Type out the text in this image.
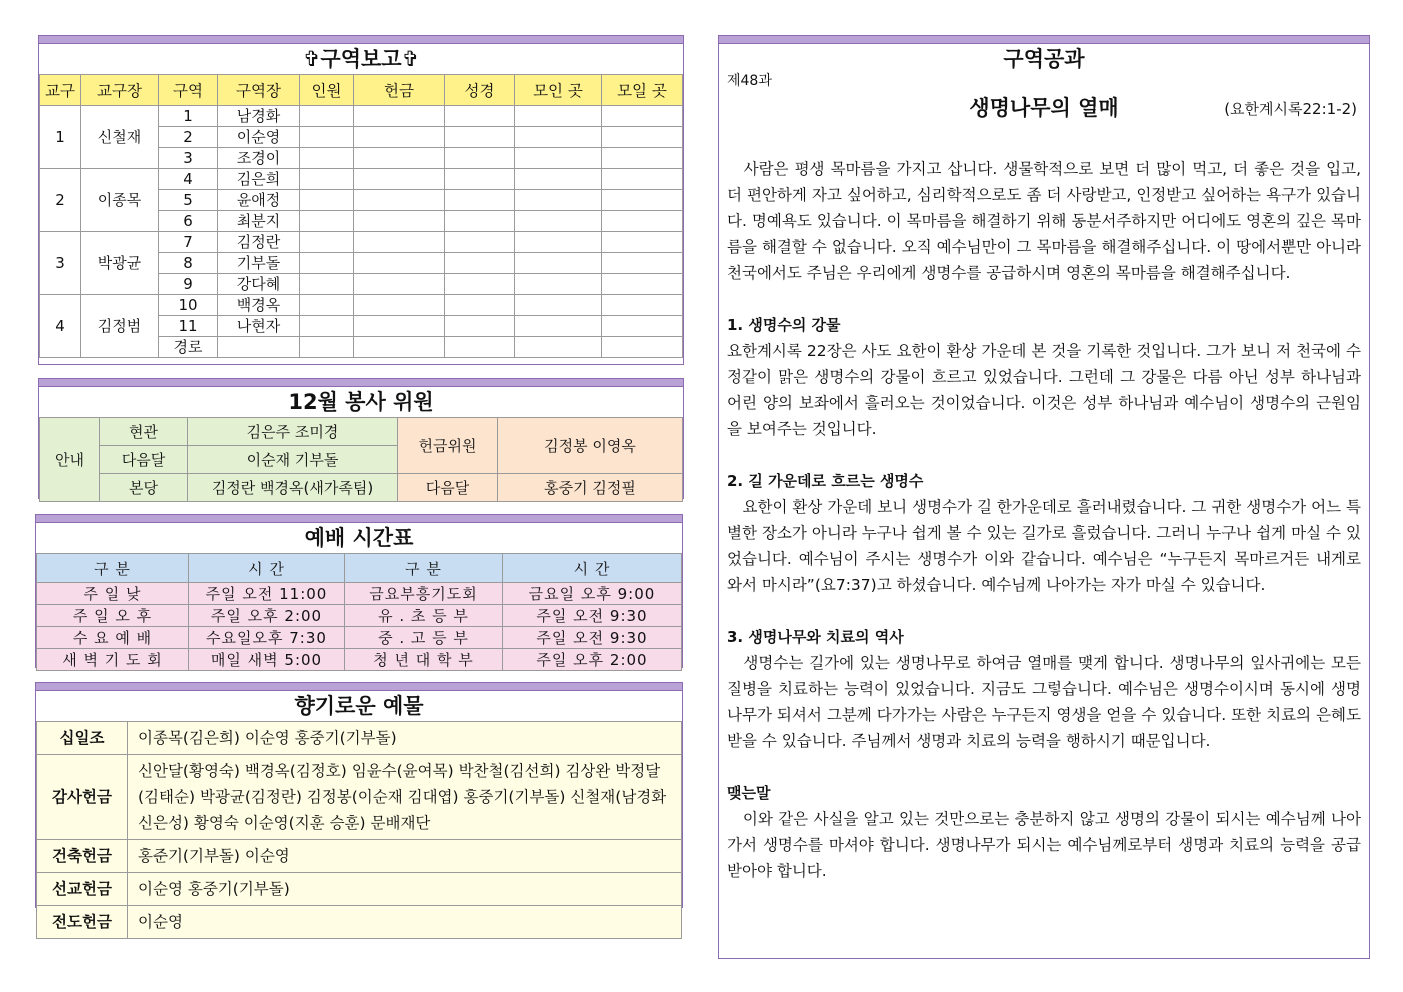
✞구역보고✞
교구	교구장	구역	구역장	인원	헌금	성경	모인 곳	모일 곳
1	신철재	1	남경화					
		2	이순영					
		3	조경이					
2	이종목	4	김은희					
		5	윤애정					
		6	최분지					
3	박광균	7	김정란					
		8	기부돌					
		9	강다혜					
4	김정범	10	백경옥					
		11	나현자					
		경로						
12월 봉사 위원
안내	현관	김은주 조미경	헌금위원	김정봉 이영옥
	다음달	이순재 기부돌		
	본당	김정란 백경옥(새가족팀)	다음달	홍중기 김정필
예배 시간표
구 분	시 간	구 분	시 간
주 일 낮	주일 오전 11:00	금요부흥기도회	금요일 오후 9:00
주 일 오 후	주일 오후 2:00	유 . 초 등 부	주일 오전 9:30
수 요 예 배	수요일오후 7:30	중 . 고 등 부	주일 오전 9:30
새 벽 기 도 회	매일 새벽 5:00	청 년 대 학 부	주일 오후 2:00
향기로운 예물
십일조	이종목(김은희) 이순영 홍중기(기부돌)
감사헌금	신안달(황영숙) 백경옥(김정호) 임윤수(윤여목) 박찬철(김선희) 김상완 박정달(김태순) 박광균(김정란) 김정봉(이순재 김대엽) 홍중기(기부돌) 신철재(남경화 신은성) 황영숙 이순영(지훈 승훈) 문배재단
건축헌금	홍준기(기부돌) 이순영
선교헌금	이순영 홍중기(기부돌)
전도헌금	이순영
구역공과
제48과
생명나무의 열매	(요한계시록22:1-2)

　사람은 평생 목마름을 가지고 삽니다. 생물학적으로 보면 더 많이 먹고, 더 좋은 것을 입고, 더 편안하게 자고 싶어하고, 심리학적으로도 좀 더 사랑받고, 인정받고 싶어하는 욕구가 있습니다. 명예욕도 있습니다. 이 목마름을 해결하기 위해 동분서주하지만 어디에도 영혼의 깊은 목마름을 해결할 수 없습니다. 오직 예수님만이 그 목마름을 해결해주십니다. 이 땅에서뿐만 아니라 천국에서도 주님은 우리에게 생명수를 공급하시며 영혼의 목마름을 해결해주십니다.

1. 생명수의 강물

요한계시록 22장은 사도 요한이 환상 가운데 본 것을 기록한 것입니다. 그가 보니 저 천국에 수정같이 맑은 생명수의 강물이 흐르고 있었습니다. 그런데 그 강물은 다름 아닌 성부 하나님과 어린 양의 보좌에서 흘러오는 것이었습니다. 이것은 성부 하나님과 예수님이 생명수의 근원임을 보여주는 것입니다.

2. 길 가운데로 흐르는 생명수

　요한이 환상 가운데 보니 생명수가 길 한가운데로 흘러내렸습니다. 그 귀한 생명수가 어느 특별한 장소가 아니라 누구나 쉽게 볼 수 있는 길가로 흘렀습니다. 그러니 누구나 쉽게 마실 수 있었습니다. 예수님이 주시는 생명수가 이와 같습니다. 예수님은 “누구든지 목마르거든 내게로 와서 마시라”(요7:37)고 하셨습니다. 예수님께 나아가는 자가 마실 수 있습니다.

3. 생명나무와 치료의 역사

　생명수는 길가에 있는 생명나무로 하여금 열매를 맺게 합니다. 생명나무의 잎사귀에는 모든 질병을 치료하는 능력이 있었습니다. 지금도 그렇습니다. 예수님은 생명수이시며 동시에 생명나무가 되셔서 그분께 다가가는 사람은 누구든지 영생을 얻을 수 있습니다. 또한 치료의 은혜도 받을 수 있습니다. 주님께서 생명과 치료의 능력을 행하시기 때문입니다.

맺는말

　이와 같은 사실을 알고 있는 것만으로는 충분하지 않고 생명의 강물이 되시는 예수님께 나아가서 생명수를 마셔야 합니다. 생명나무가 되시는 예수님께로부터 생명과 치료의 능력을 공급받아야 합니다.
